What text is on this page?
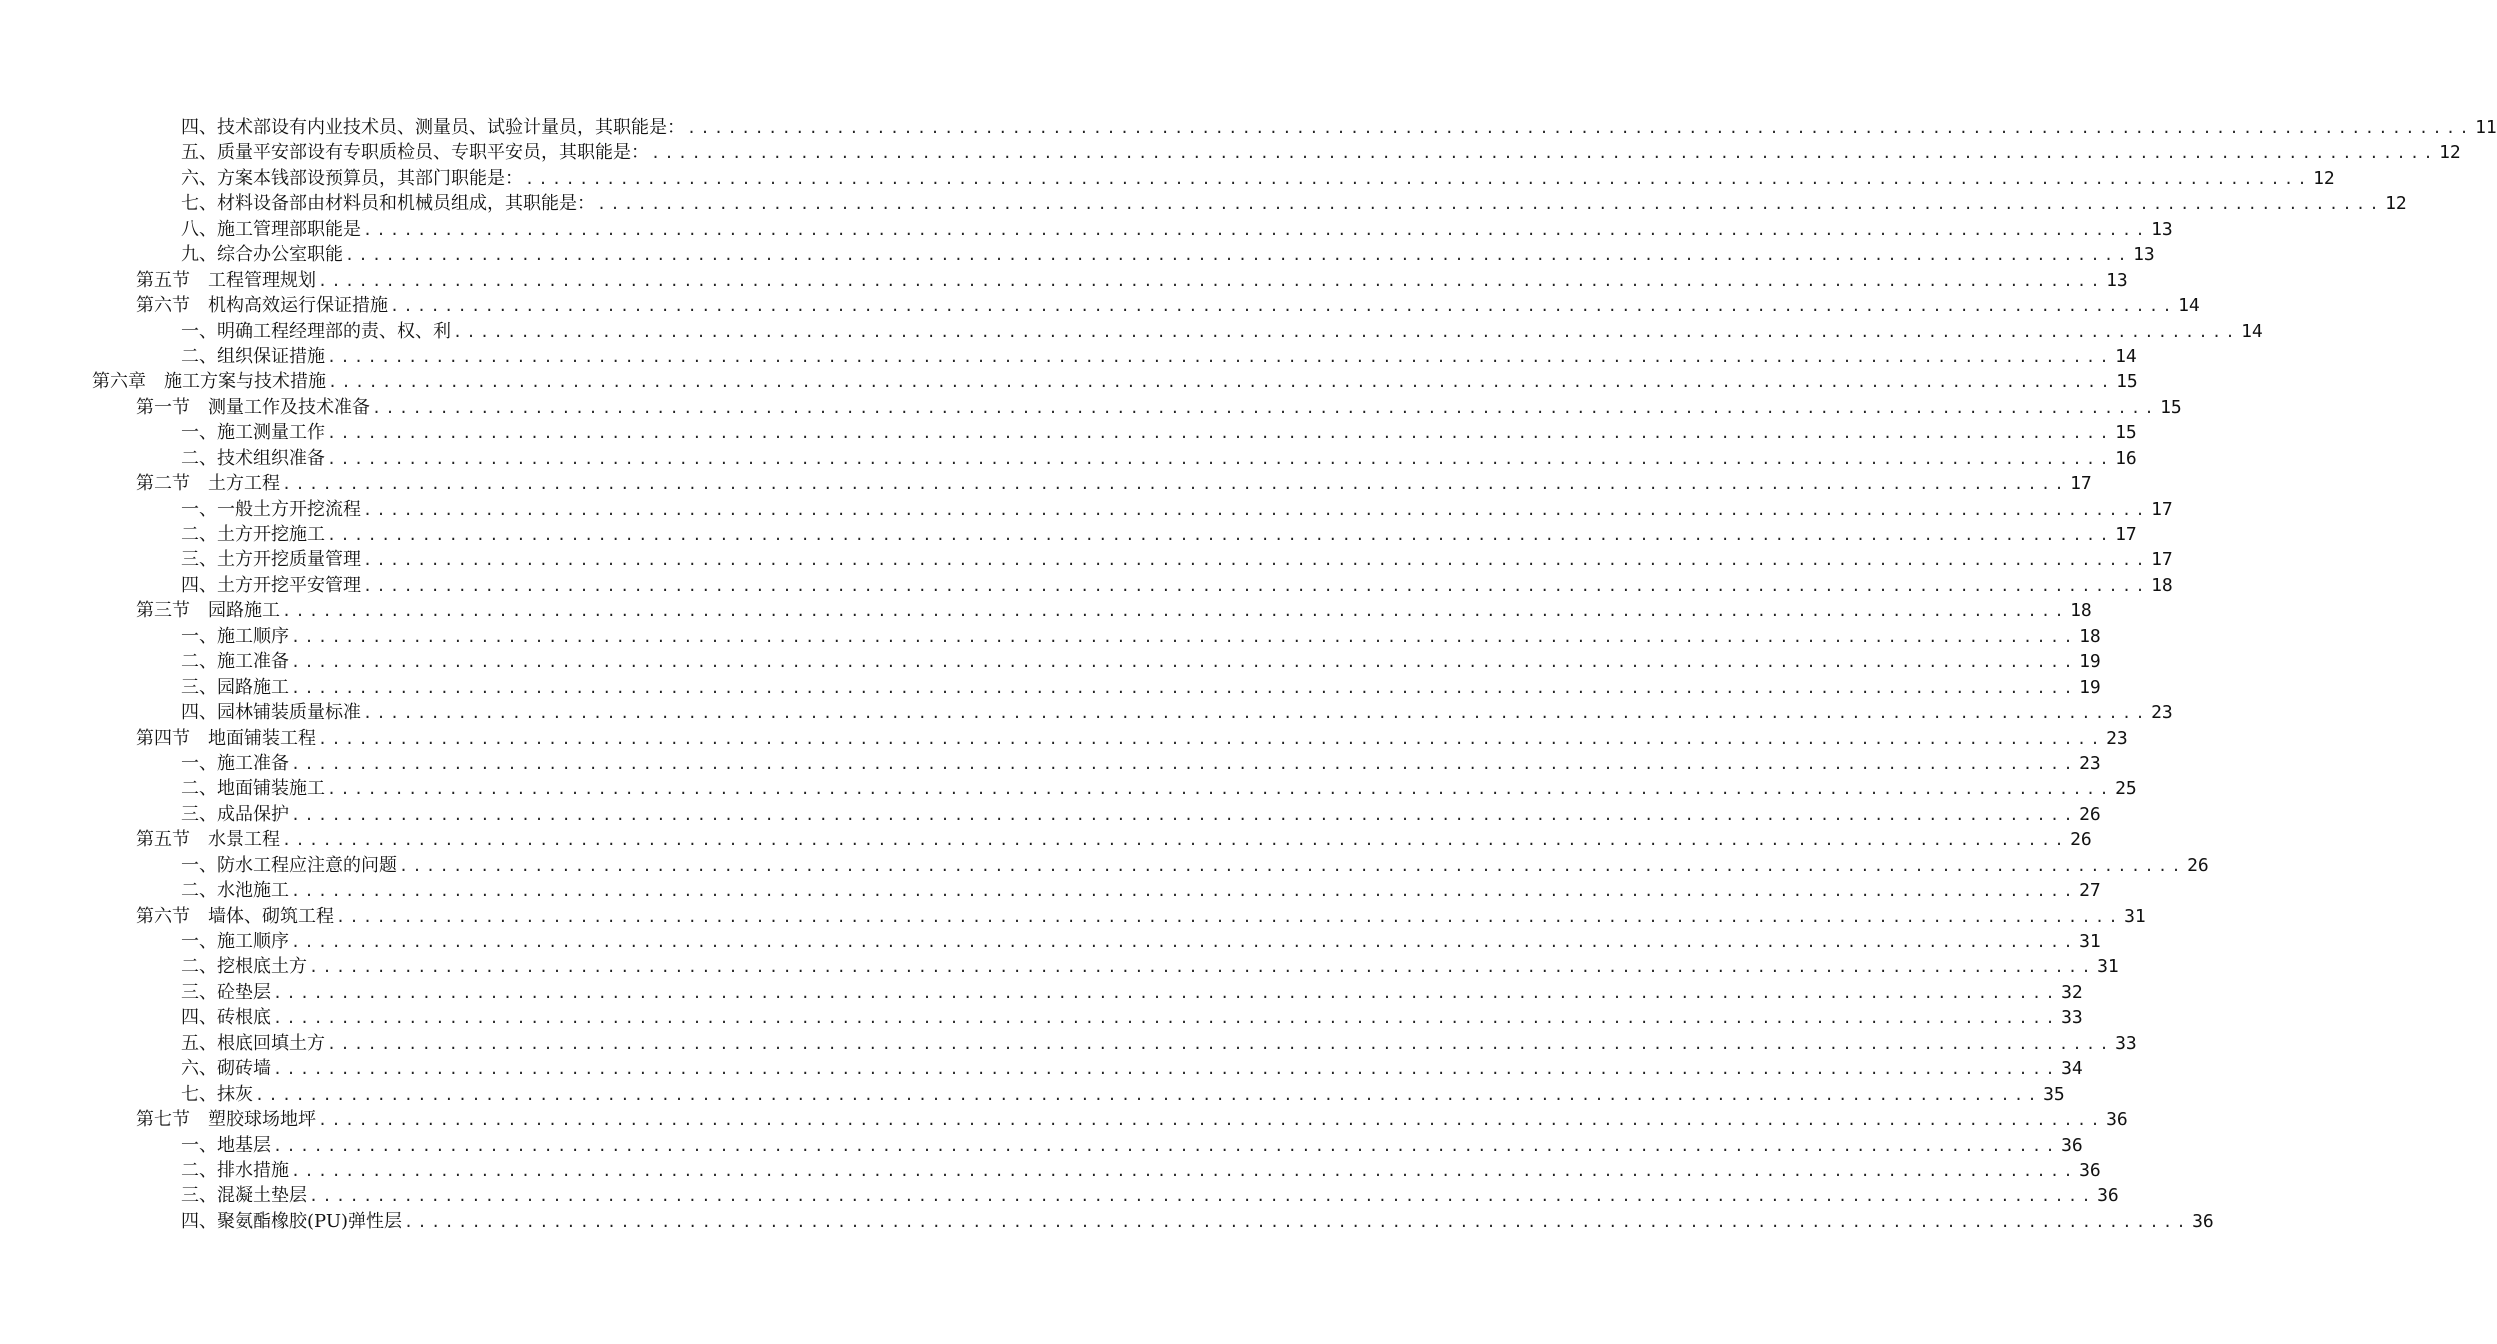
四、技术部设有内业技术员、测量员、试验计量员，其职能是： .................................................................................................................................... 11
五、质量平安部设有专职质检员、专职平安员，其职能是： .................................................................................................................................... 12
六、方案本钱部设预算员，其部门职能是： .................................................................................................................................... 12
七、材料设备部由材料员和机械员组成，其职能是： .................................................................................................................................... 12
八、施工管理部职能是 .................................................................................................................................... 13
九、综合办公室职能 .................................................................................................................................... 13
第五节　工程管理规划 .................................................................................................................................... 13
第六节　机构高效运行保证措施 .................................................................................................................................... 14
一、明确工程经理部的责、权、利 .................................................................................................................................... 14
二、组织保证措施 .................................................................................................................................... 14
第六章　施工方案与技术措施 .................................................................................................................................... 15
第一节　测量工作及技术准备 .................................................................................................................................... 15
一、施工测量工作 .................................................................................................................................... 15
二、技术组织准备 .................................................................................................................................... 16
第二节　土方工程 .................................................................................................................................... 17
一、一般土方开挖流程 .................................................................................................................................... 17
二、土方开挖施工 .................................................................................................................................... 17
三、土方开挖质量管理 .................................................................................................................................... 17
四、土方开挖平安管理 .................................................................................................................................... 18
第三节　园路施工 .................................................................................................................................... 18
一、施工顺序 .................................................................................................................................... 18
二、施工准备 .................................................................................................................................... 19
三、园路施工 .................................................................................................................................... 19
四、园林铺装质量标准 .................................................................................................................................... 23
第四节　地面铺装工程 .................................................................................................................................... 23
一、施工准备 .................................................................................................................................... 23
二、地面铺装施工 .................................................................................................................................... 25
三、成品保护 .................................................................................................................................... 26
第五节　水景工程 .................................................................................................................................... 26
一、防水工程应注意的问题 .................................................................................................................................... 26
二、水池施工 .................................................................................................................................... 27
第六节　墙体、砌筑工程 .................................................................................................................................... 31
一、施工顺序 .................................................................................................................................... 31
二、挖根底土方 .................................................................................................................................... 31
三、砼垫层 .................................................................................................................................... 32
四、砖根底 .................................................................................................................................... 33
五、根底回填土方 .................................................................................................................................... 33
六、砌砖墙 .................................................................................................................................... 34
七、抹灰 .................................................................................................................................... 35
第七节　塑胶球场地坪 .................................................................................................................................... 36
一、地基层 .................................................................................................................................... 36
二、排水措施 .................................................................................................................................... 36
三、混凝土垫层 .................................................................................................................................... 36
四、聚氨酯橡胶(PU)弹性层 .................................................................................................................................... 36
